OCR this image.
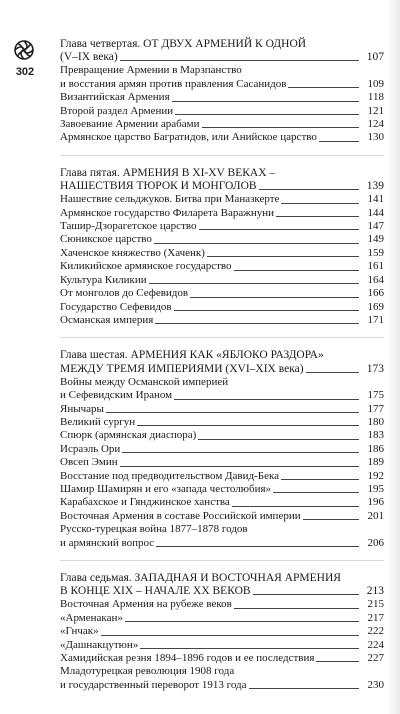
302
Глава четвертая. ОТ ДВУХ АРМЕНИЙ К ОДНОЙ
(V–IX века)	107
Превращение Армении в Марзпанство
и восстания армян против правления Сасанидов	109
Византийская Армения	118
Второй раздел Армении	121
Завоевание Армении арабами	124
Армянское царство Багратидов, или Анийское царство	130
Глава пятая. АРМЕНИЯ В XI-XV ВЕКАХ –
НАШЕСТВИЯ ТЮРОК И МОНГОЛОВ	139
Нашествие сельджуков. Битва при Маназкерте	141
Армянское государство Филарета Варажнуни	144
Ташир-Дзорагетское царство	147
Сюникское царство	149
Хаченское княжество (Хаченк)	159
Киликийское армянское государство	161
Культура Киликии	164
От монголов до Сефевидов	166
Государство Сефевидов	169
Османская империя	171
Глава шестая. АРМЕНИЯ КАК «ЯБЛОКО РАЗДОРА»
МЕЖДУ ТРЕМЯ ИМПЕРИЯМИ (XVI–XIX века)	173
Войны между Османской империей
и Сефевидским Ираном	175
Янычары	177
Великий сургун	180
Спюрк (армянская диаспора)	183
Исраэль Ори	186
Овсеп Эмин	189
Восстание под предводительством Давид-Бека	192
Шамир Шамирян и его «запада честолюбия»	195
Карабахское и Гянджинское ханства	196
Восточная Армения в составе Российской империи	201
Русско-турецкая война 1877–1878 годов
и армянский вопрос	206
Глава седьмая. ЗАПАДНАЯ И ВОСТОЧНАЯ АРМЕНИЯ
В КОНЦЕ XIX – НАЧАЛЕ XX ВЕКОВ	213
Восточная Армения на рубеже веков	215
«Арменакан»	217
«Гнчак»	222
«Дашнакцутюн»	224
Хамидийская резня 1894–1896 годов и ее последствия	227
Младотурецкая революция 1908 года
и государственный переворот 1913 года	230
